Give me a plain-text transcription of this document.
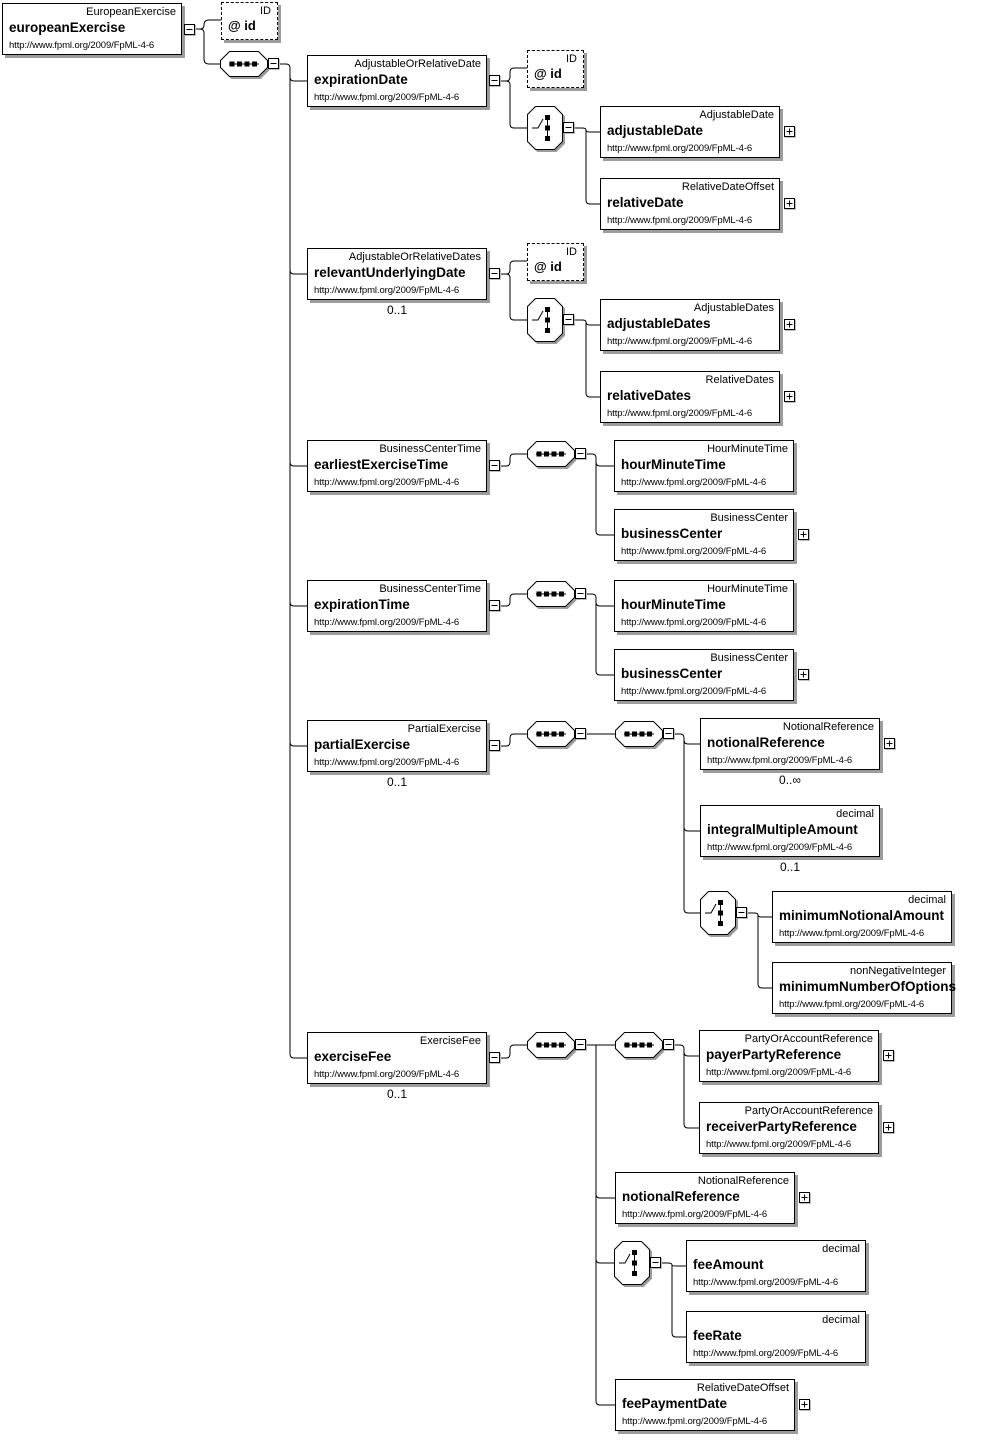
EuropeanExercise
europeanExercise
http://www.fpml.org/2009/FpML-4-6
ID
@ id
AdjustableOrRelativeDate
expirationDate
http://www.fpml.org/2009/FpML-4-6
ID
@ id
AdjustableDate
adjustableDate
http://www.fpml.org/2009/FpML-4-6
RelativeDateOffset
relativeDate
http://www.fpml.org/2009/FpML-4-6
AdjustableOrRelativeDates
relevantUnderlyingDate
http://www.fpml.org/2009/FpML-4-6
0..1
ID
@ id
AdjustableDates
adjustableDates
http://www.fpml.org/2009/FpML-4-6
RelativeDates
relativeDates
http://www.fpml.org/2009/FpML-4-6
BusinessCenterTime
earliestExerciseTime
http://www.fpml.org/2009/FpML-4-6
HourMinuteTime
hourMinuteTime
http://www.fpml.org/2009/FpML-4-6
BusinessCenter
businessCenter
http://www.fpml.org/2009/FpML-4-6
BusinessCenterTime
expirationTime
http://www.fpml.org/2009/FpML-4-6
HourMinuteTime
hourMinuteTime
http://www.fpml.org/2009/FpML-4-6
BusinessCenter
businessCenter
http://www.fpml.org/2009/FpML-4-6
PartialExercise
partialExercise
http://www.fpml.org/2009/FpML-4-6
0..1
NotionalReference
notionalReference
http://www.fpml.org/2009/FpML-4-6
0..∞
decimal
integralMultipleAmount
http://www.fpml.org/2009/FpML-4-6
0..1
decimal
minimumNotionalAmount
http://www.fpml.org/2009/FpML-4-6
nonNegativeInteger
minimumNumberOfOptions
http://www.fpml.org/2009/FpML-4-6
ExerciseFee
exerciseFee
http://www.fpml.org/2009/FpML-4-6
0..1
PartyOrAccountReference
payerPartyReference
http://www.fpml.org/2009/FpML-4-6
PartyOrAccountReference
receiverPartyReference
http://www.fpml.org/2009/FpML-4-6
NotionalReference
notionalReference
http://www.fpml.org/2009/FpML-4-6
decimal
feeAmount
http://www.fpml.org/2009/FpML-4-6
decimal
feeRate
http://www.fpml.org/2009/FpML-4-6
RelativeDateOffset
feePaymentDate
http://www.fpml.org/2009/FpML-4-6
